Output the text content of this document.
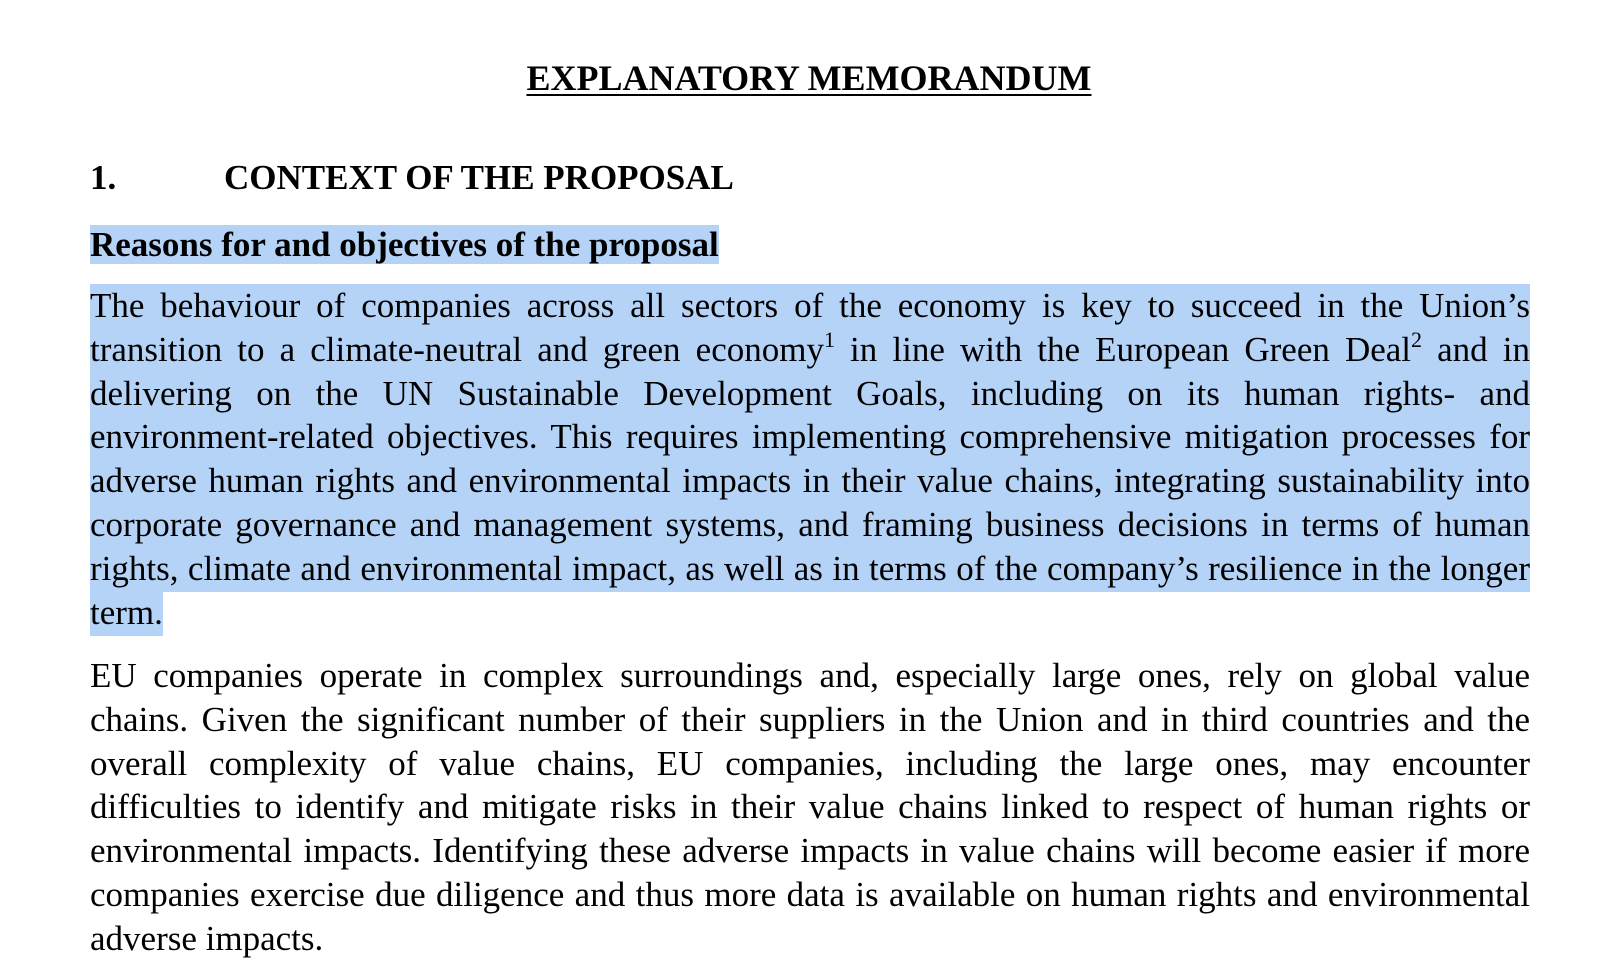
EXPLANATORY MEMORANDUM
1.	CONTEXT OF THE PROPOSAL
Reasons for and objectives of the proposal

The behaviour of companies across all sectors of the economy is key to succeed in the Union’s transition to a climate-neutral and green economy$^1$ in line with the European Green Deal$^2$ and in delivering on the UN Sustainable Development Goals, including on its human rights- and environment-related objectives. This requires implementing comprehensive mitigation processes for adverse human rights and environmental impacts in their value chains, integrating sustainability into corporate governance and management systems, and framing business decisions in terms of human rights, climate and environmental impact, as well as in terms of the company’s resilience in the longer term.

EU companies operate in complex surroundings and, especially large ones, rely on global value chains. Given the significant number of their suppliers in the Union and in third countries and the overall complexity of value chains, EU companies, including the large ones, may encounter difficulties to identify and mitigate risks in their value chains linked to respect of human rights or environmental impacts. Identifying these adverse impacts in value chains will become easier if more companies exercise due diligence and thus more data is available on human rights and environmental adverse impacts.
